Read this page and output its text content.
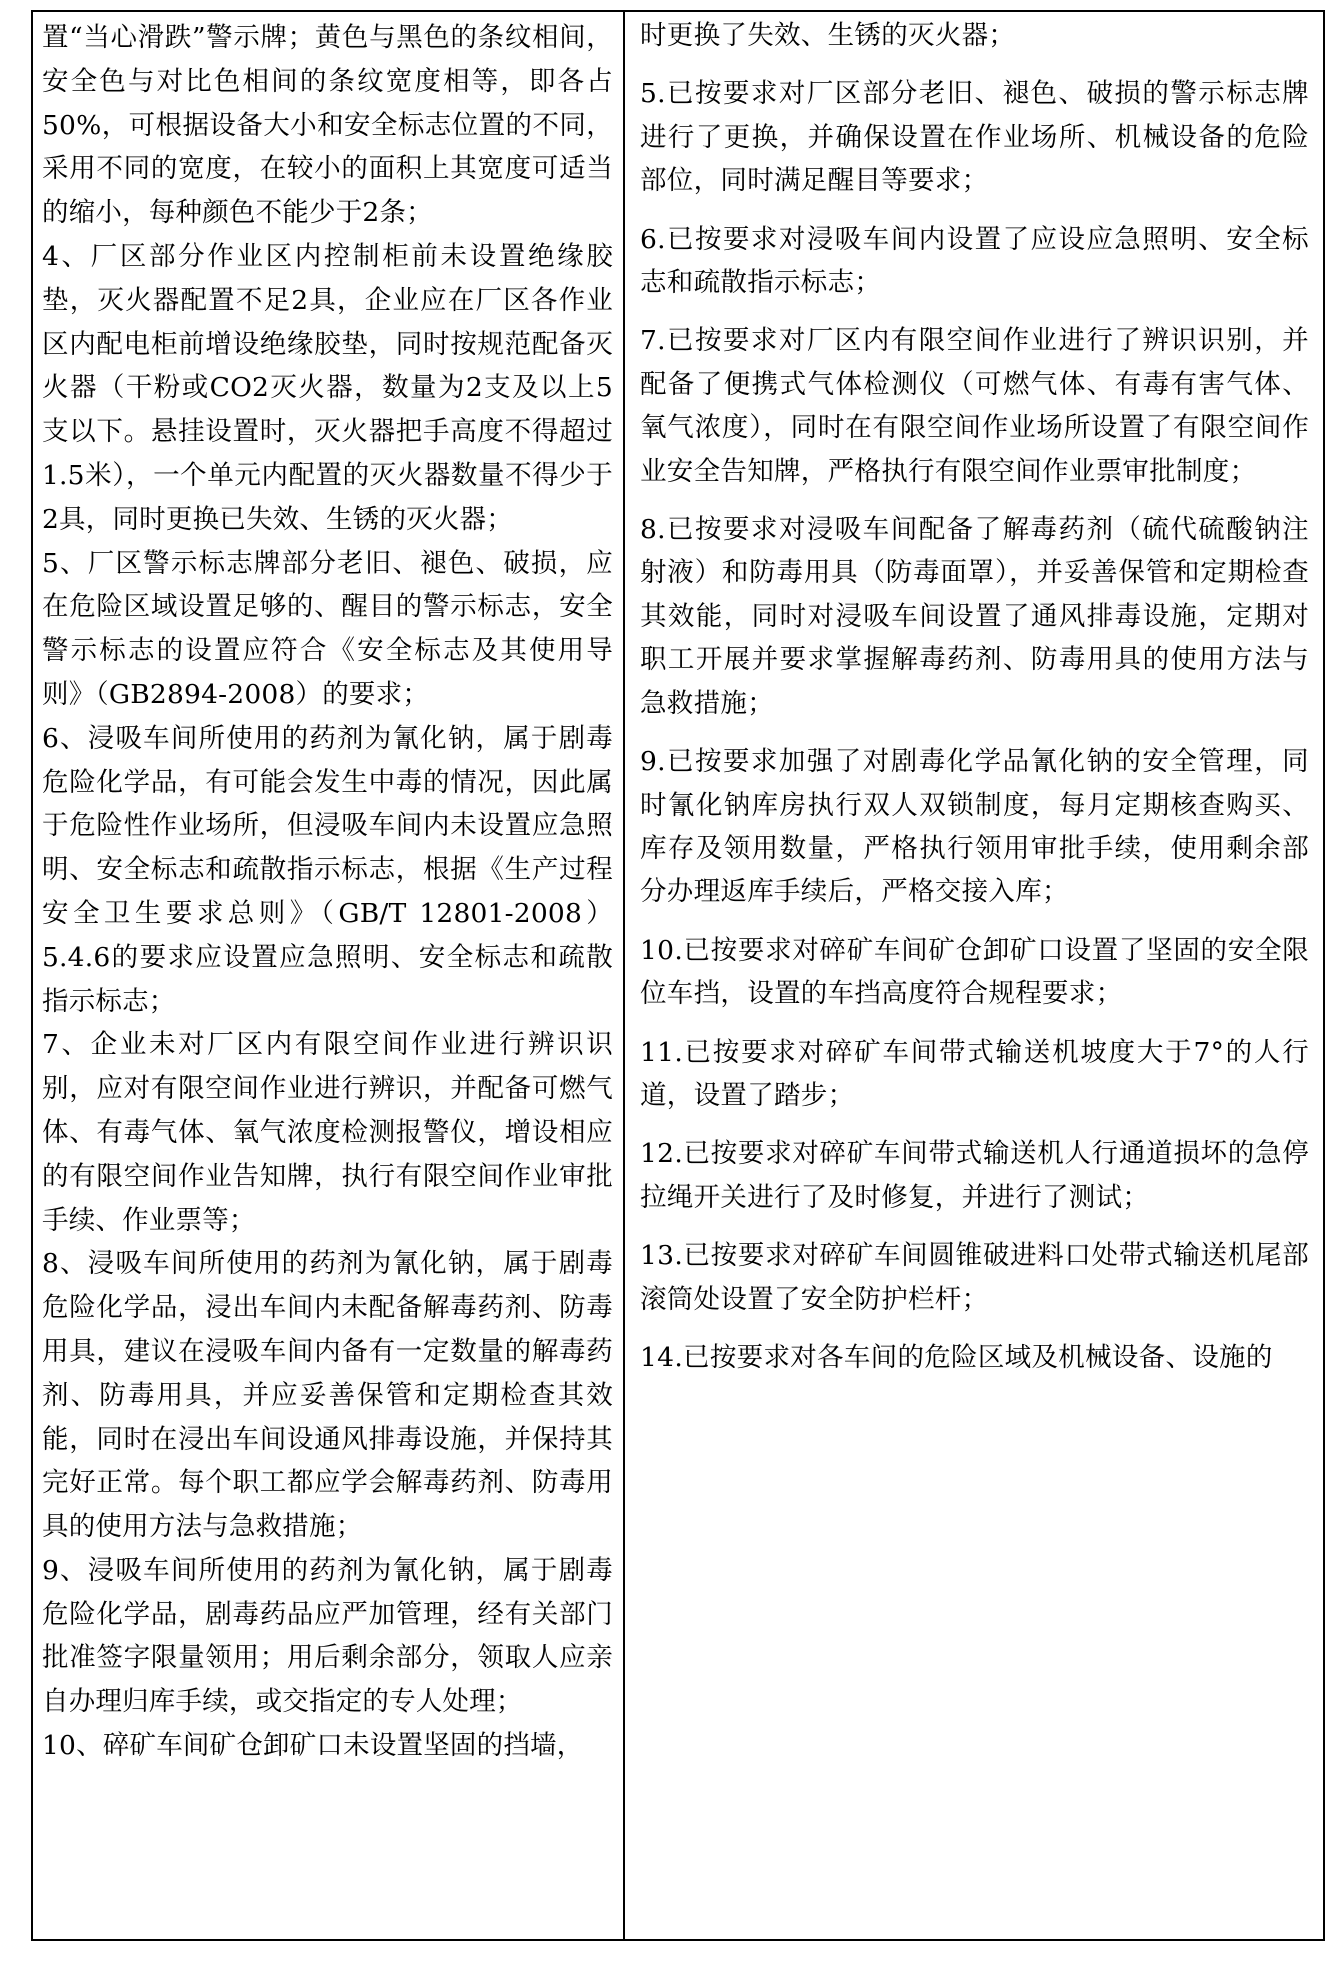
置“当心滑跌”警示牌；黄色与黑色的条纹相间，安全色与对比色相间的条纹宽度相等，即各占50%，可根据设备大小和安全标志位置的不同，采用不同的宽度，在较小的面积上其宽度可适当的缩小，每种颜色不能少于2条；

4、厂区部分作业区内控制柜前未设置绝缘胶垫，灭火器配置不足2具，企业应在厂区各作业区内配电柜前增设绝缘胶垫，同时按规范配备灭火器（干粉或CO2灭火器，数量为2支及以上5支以下。悬挂设置时，灭火器把手高度不得超过1.5米），一个单元内配置的灭火器数量不得少于2具，同时更换已失效、生锈的灭火器；

5、厂区警示标志牌部分老旧、褪色、破损，应在危险区域设置足够的、醒目的警示标志，安全警示标志的设置应符合《安全标志及其使用导则》（GB2894-2008）的要求；

6、浸吸车间所使用的药剂为氰化钠，属于剧毒危险化学品，有可能会发生中毒的情况，因此属于危险性作业场所，但浸吸车间内未设置应急照明、安全标志和疏散指示标志，根据《生产过程安全卫生要求总则》（GB/T 12801-2008）5.4.6的要求应设置应急照明、安全标志和疏散指示标志；

7、企业未对厂区内有限空间作业进行辨识识别，应对有限空间作业进行辨识，并配备可燃气体、有毒气体、氧气浓度检测报警仪，增设相应的有限空间作业告知牌，执行有限空间作业审批手续、作业票等；

8、浸吸车间所使用的药剂为氰化钠，属于剧毒危险化学品，浸出车间内未配备解毒药剂、防毒用具，建议在浸吸车间内备有一定数量的解毒药剂、防毒用具，并应妥善保管和定期检查其效能，同时在浸出车间设通风排毒设施，并保持其完好正常。每个职工都应学会解毒药剂、防毒用具的使用方法与急救措施；

9、浸吸车间所使用的药剂为氰化钠，属于剧毒危险化学品，剧毒药品应严加管理，经有关部门批准签字限量领用；用后剩余部分，领取人应亲自办理归库手续，或交指定的专人处理；

10、碎矿车间矿仓卸矿口未设置坚固的挡墙，

时更换了失效、生锈的灭火器；

5.已按要求对厂区部分老旧、褪色、破损的警示标志牌进行了更换，并确保设置在作业场所、机械设备的危险部位，同时满足醒目等要求；

6.已按要求对浸吸车间内设置了应设应急照明、安全标志和疏散指示标志；

7.已按要求对厂区内有限空间作业进行了辨识识别，并配备了便携式气体检测仪（可燃气体、有毒有害气体、氧气浓度），同时在有限空间作业场所设置了有限空间作业安全告知牌，严格执行有限空间作业票审批制度；

8.已按要求对浸吸车间配备了解毒药剂（硫代硫酸钠注射液）和防毒用具（防毒面罩），并妥善保管和定期检查其效能，同时对浸吸车间设置了通风排毒设施，定期对职工开展并要求掌握解毒药剂、防毒用具的使用方法与急救措施；

9.已按要求加强了对剧毒化学品氰化钠的安全管理，同时氰化钠库房执行双人双锁制度，每月定期核查购买、库存及领用数量，严格执行领用审批手续，使用剩余部分办理返库手续后，严格交接入库；

10.已按要求对碎矿车间矿仓卸矿口设置了坚固的安全限位车挡，设置的车挡高度符合规程要求；

11.已按要求对碎矿车间带式输送机坡度大于7°的人行道，设置了踏步；

12.已按要求对碎矿车间带式输送机人行通道损坏的急停拉绳开关进行了及时修复，并进行了测试；

13.已按要求对碎矿车间圆锥破进料口处带式输送机尾部滚筒处设置了安全防护栏杆；

14.已按要求对各车间的危险区域及机械设备、设施的
